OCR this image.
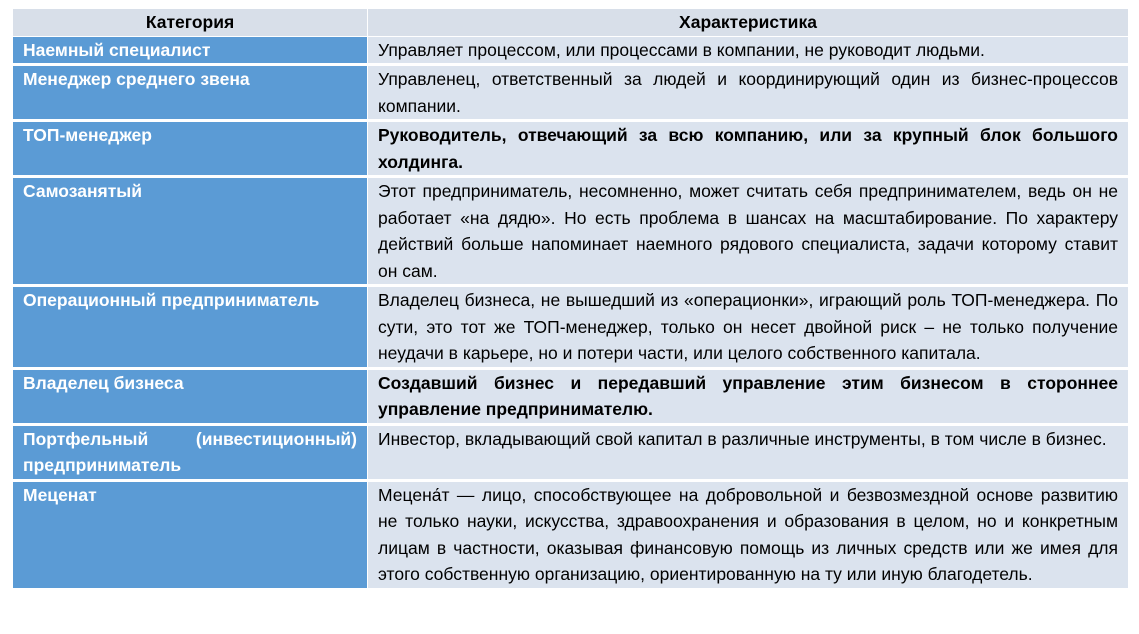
Категория	Характеристика
Наемный специалист	Управляет процессом, или процессами в компании, не руководит людьми.
Менеджер среднего звена	Управленец, ответственный за людей и координирующий один из бизнес-процессов компании.
ТОП-менеджер	Руководитель, отвечающий за всю компанию, или за крупный блок большого холдинга.
Самозанятый	Этот предприниматель, несомненно, может считать себя предпринимателем, ведь он не работает «на дядю». Но есть проблема в шансах на масштабирование. По характеру действий больше напоминает наемного рядового специалиста, задачи которому ставит он сам.
Операционный предприниматель	Владелец бизнеса, не вышедший из «операционки», играющий роль ТОП-менеджера. По сути, это тот же ТОП-менеджер, только он несет двойной риск – не только получение неудачи в карьере, но и потери части, или целого собственного капитала.
Владелец бизнеса	Создавший бизнес и передавший управление этим бизнесом в стороннее управление предпринимателю.

Портфельный (инвестиционный) предприниматель	Инвестор, вкладывающий свой капитал в различные инструменты, в том числе в бизнес.
Меценат	Мецена́т — лицо, способствующее на добровольной и безвозмездной основе развитию не только науки, искусства, здравоохранения и образования в целом, но и конкретным лицам в частности, оказывая финансовую помощь из личных средств или же имея для этого собственную организацию, ориентированную на ту или иную благодетель.
